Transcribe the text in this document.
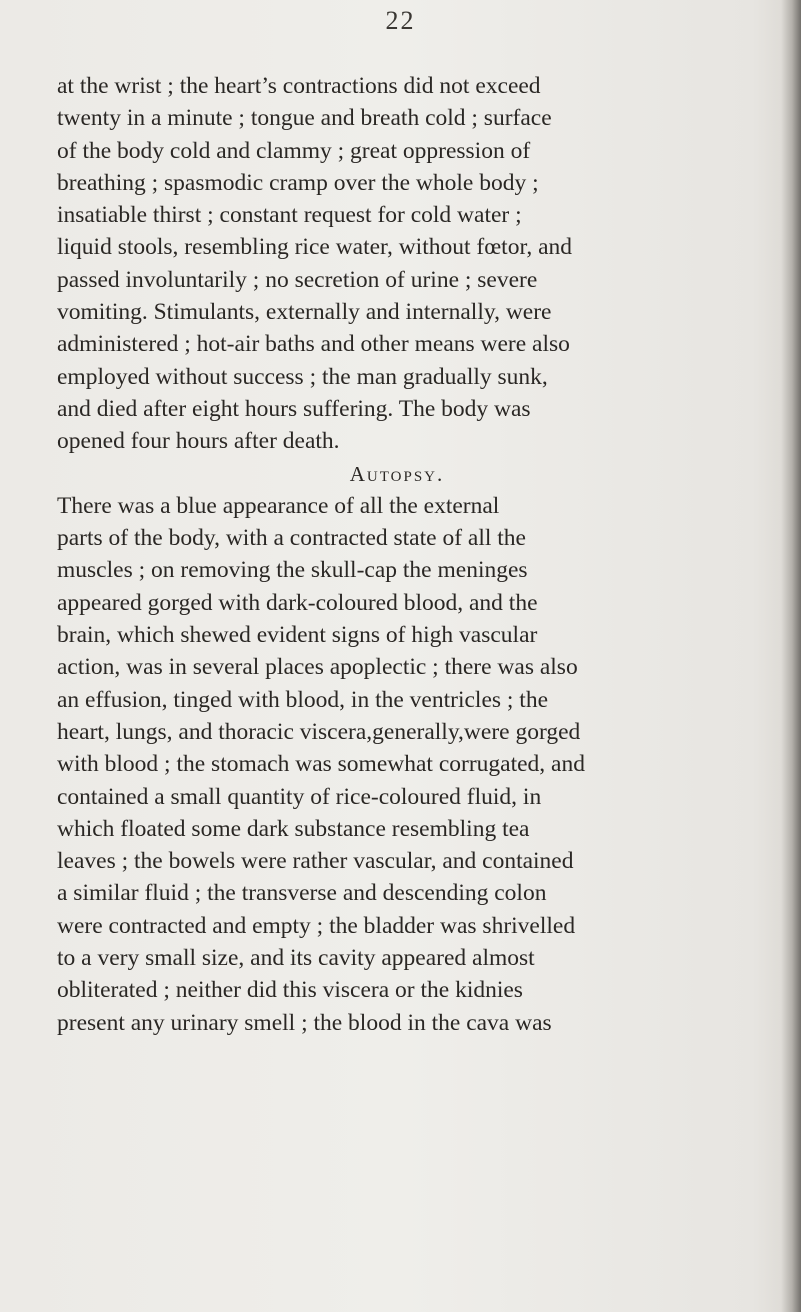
22
at the wrist ; the heart’s contractions did not exceed
twenty in a minute ; tongue and breath cold ; surface
of the body cold and clammy ; great oppression of
breathing ; spasmodic cramp over the whole body ;
insatiable thirst ; constant request for cold water ;
liquid stools, resembling rice water, without fœtor, and
passed involuntarily ; no secretion of urine ; severe
vomiting. Stimulants, externally and internally, were
administered ; hot-air baths and other means were also
employed without success ; the man gradually sunk,
and died after eight hours suffering. The body was
opened four hours after death.
Autopsy.
There was a blue appearance of all the external
parts of the body, with a contracted state of all the
muscles ; on removing the skull-cap the meninges
appeared gorged with dark-coloured blood, and the
brain, which shewed evident signs of high vascular
action, was in several places apoplectic ; there was also
an effusion, tinged with blood, in the ventricles ; the
heart, lungs, and thoracic viscera,generally,were gorged
with blood ; the stomach was somewhat corrugated, and
contained a small quantity of rice-coloured fluid, in
which floated some dark substance resembling tea
leaves ; the bowels were rather vascular, and contained
a similar fluid ; the transverse and descending colon
were contracted and empty ; the bladder was shrivelled
to a very small size, and its cavity appeared almost
obliterated ; neither did this viscera or the kidnies
present any urinary smell ; the blood in the cava was
